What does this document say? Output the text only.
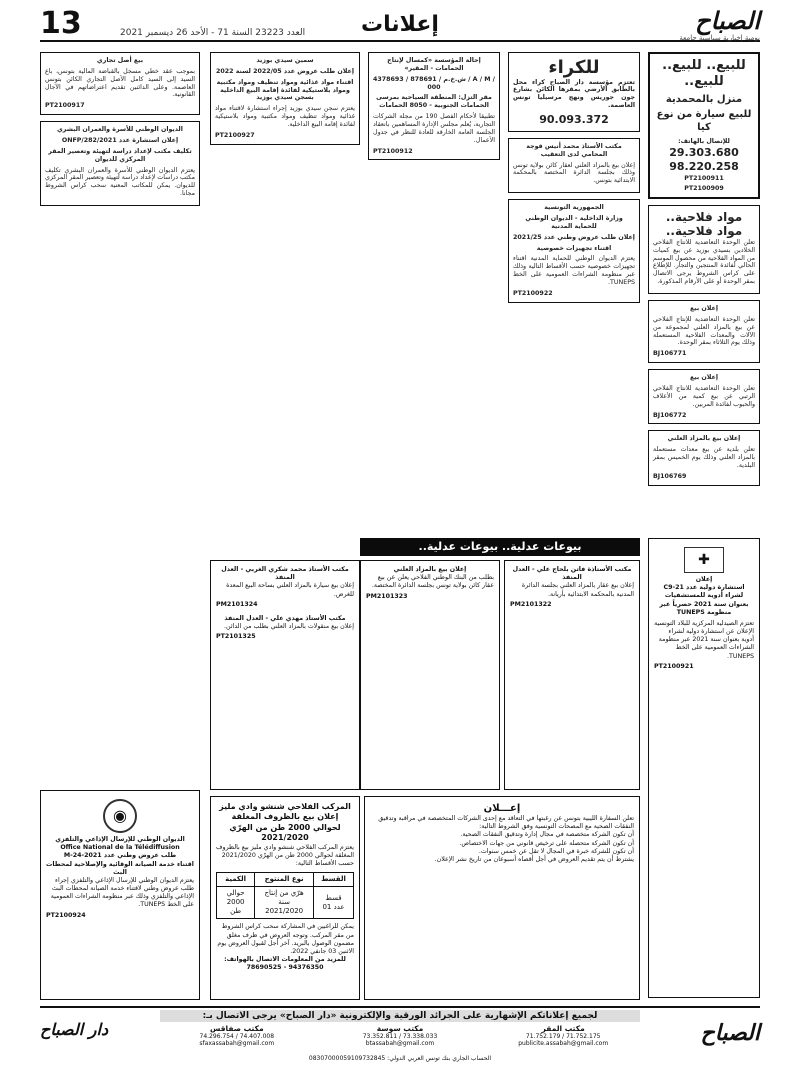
13	العدد 23223 السنة 71 - الأحد 26 ديسمبر 2021	إعلانات	الصباح
يومية إخبارية سياسية جامعة
للبيع.. للبيع.. للبيع..
منزل بالمحمدية
للبيع سيارة من نوع كيا
للإتصال بالهاتف:
29.303.680
98.220.258
PT2100911
PT2100909
مواد فلاحية.. مواد فلاحية..

تعلن الوحدة التعاضدية للانتاج الفلاحي الخلادين بسيدي بوزيد عن بيع كميات من المواد الفلاحية من محصول الموسم الحالي لفائدة المنتجين والتجار. للإطلاع على كراس الشروط يرجى الاتصال بمقر الوحدة أو على الأرقام المذكورة.

إعلان بيع

تعلن الوحدة التعاضدية للإنتاج الفلاحي عن بيع بالمزاد العلني لمجموعة من الآلات والمعدات الفلاحية المستعملة وذلك يوم الثلاثاء بمقر الوحدة.

BJ106771
إعلان بيع

تعلن الوحدة التعاضدية للانتاج الفلاحي الرتبي عن بيع كمية من الأعلاف والحبوب لفائدة المربين.

BJ106772
إعلان بيع بالمزاد العلني

تعلن بلدية عن بيع معدات مستعملة بالمزاد العلني وذلك يوم الخميس بمقر البلدية.

BJ106769
✚
إعلان
استشارة دولية عدد 21-C9 لشراء أدوية للمستشفيات بعنوان سنة 2021 حصرياً عبر منظومة TUNEPS

تعتزم الصيدلية المركزية للبلاد التونسية الإعلان عن استشارة دولية لشراء أدوية بعنوان سنة 2021 عبر منظومة الشراءات العمومية على الخط TUNEPS.

PT2100921
للكراء

تعتزم مؤسسة دار الصباح كراء محل بالطابق الأرضي بمقرها الكائن بشارع جون جوريس ونهج مرسيليا تونس العاصمة.

90.093.372
مكتب الأستاذ محمد أنيس قوجة المحامي لدى التعقيب

إعلان بيع بالمزاد العلني لعقار كائن بولاية تونس وذلك بجلسة الدائرة المختصة بالمحكمة الابتدائية بتونس.

الجمهورية التونسية
وزارة الداخلية - الديوان الوطني للحماية المدنية
إعلان طلب عروض وطني عدد 2021/25
اقتناء تجهيزات خصوصية

يعتزم الديوان الوطني للحماية المدنية اقتناء تجهيزات خصوصية حسب الأقساط التالية وذلك عبر منظومة الشراءات العمومية على الخط TUNEPS.

PT2100922
إحالة المؤسسة «كمسال لإنتاج الحمامات - المقير»
ش.خ.م / 878691 / 4378693 / A / M / 000
مقر التزل: المنطقة السياحية بمرسى الحمامات الجنوبية - 8050 الحمامات

تطبيقا لأحكام الفصل 190 من مجلة الشركات التجارية، يُعلم مجلس الإدارة المساهمين بانعقاد الجلسة العامة الخارقة للعادة للنظر في جدول الأعمال.

PT2100912
سمين سيدي بوزيد
إعلان طلب عروض عدد 2022/05 لسنة 2022
اقتناء مواد غذائية ومواد تنظيف ومواد مكتبية ومواد بلاستيكية لفائدة إقامة البيع الداخلية بسجن سيدي بوزيد

يعتزم سجن سيدي بوزيد إجراء استشارة لاقتناء مواد غذائية ومواد تنظيف ومواد مكتبية ومواد بلاستيكية لفائدة إقامة البيع الداخلية.

PT2100927
بيع أصل تجاري

بموجب عقد خطي مسجل بالقباضة المالية بتونس، باع السيد إلى السيد كامل الأصل التجاري الكائن بتونس العاصمة. وعلى الدائنين تقديم اعتراضاتهم في الآجال القانونية.

PT2100917
الديوان الوطني للأسرة والعمران البشري
إعلان استشارة عدد 2021/ONFP/282
تكليف مكتب لإعداد دراسة لتهيئة وتعصير المقر المركزي للديوان

يعتزم الديوان الوطني للأسرة والعمران البشري تكليف مكتب دراسات لإعداد دراسة لتهيئة وتعصير المقر المركزي للديوان. يمكن للمكاتب المعنية سحب كراس الشروط مجانا.

بيوعات عدلية.. بيوعات عدلية..
إعلان بيع بالمزاد العلني

بطلب من البنك الوطني الفلاحي يعلن عن بيع عقار كائن بولاية تونس بجلسة الدائرة المختصة.

PM2101323
مكتب الأستاذة فاتن بلحاج علي - العدل المنفذ

إعلان بيع عقار بالمزاد العلني بجلسة الدائرة المدنية بالمحكمة الابتدائية بأريانة.

PM2101322
مكتب الأستاذ محمد شكري الغربي - العدل المنفذ

إعلان بيع سيارة بالمزاد العلني بساحة البيع المعدة للغرض.

PM2101324
مكتب الأستاذ مهدي علي - العدل المنفذ

إعلان بيع منقولات بالمزاد العلني بطلب من الدائن.

PT2101325
◉
الديوان الوطني للإرسال الإذاعي والتلفزي
Office National de la Télédiffusion
طلب عروض وطني عدد 2021-M-24
اقتناء خدمة الصيانة الوقائية والإصلاحية لمحطات البث

يعتزم الديوان الوطني للإرسال الإذاعي والتلفزي إجراء طلب عروض وطني لاقتناء خدمة الصيانة لمحطات البث الإذاعي والتلفزي وذلك عبر منظومة الشراءات العمومية على الخط TUNEPS.

PT2100924
المركب الفلاحي شنشو وادي مليز
إعلان بيع بالظروف المغلقة
لحوالي 2000 طن من الهرّي 2021/2020

يعتزم المركب الفلاحي شنشو وادي مليز بيع بالظروف المغلقة لحوالي 2000 طن من الهرّي 2021/2020 حسب الأقساط التالية:

القسط	نوع المنتوج	الكمية
قسط عدد 01	هرّي من إنتاج سنة 2021/2020	حوالي 2000 طن

يمكن للراغبين في المشاركة سحب كراس الشروط من مقر المركب. وتوجه العروض في ظرف مغلق مضمون الوصول بالبريد. آخر أجل لقبول العروض يوم الاثنين 03 جانفي 2022.

للمزيد من المعلومات الاتصال بالهواتف: 94376350 - 78690525
إعـــلان

تعلن السفارة الليبية بتونس عن رغبتها في التعاقد مع إحدى الشركات المتخصصة في مراقبة وتدقيق النفقات الصحية مع المصحات التونسية وفق الشروط التالية:

أن تكون الشركة متخصصة في مجال إدارة وتدقيق النفقات الصحية.

أن تكون الشركة متحصلة على ترخيص قانوني من جهات الاختصاص.

أن تكون للشركة خبرة في المجال لا تقل عن خمس سنوات.

يشترط أن يتم تقديم العروض في أجل أقصاه أسبوعان من تاريخ نشر الإعلان.

لجميع إعلاناتكم الإشهارية على الجرائد الورقية والإلكترونية «دار الصباح» يرجى الاتصال بـ:
الصباح
دار الصباح	مكتب المقر
71.752.179 / 71.752.175
publicite.assabah@gmail.com
مكتب سوسة
73.352.811 / 73.338.033
btassabah@gmail.com
مكتب صفاقس
74.296.754 / 74.407.008
sfaxassabah@gmail.com
الحساب الجاري بنك تونس العربي الدولي: 08307000059109732845
